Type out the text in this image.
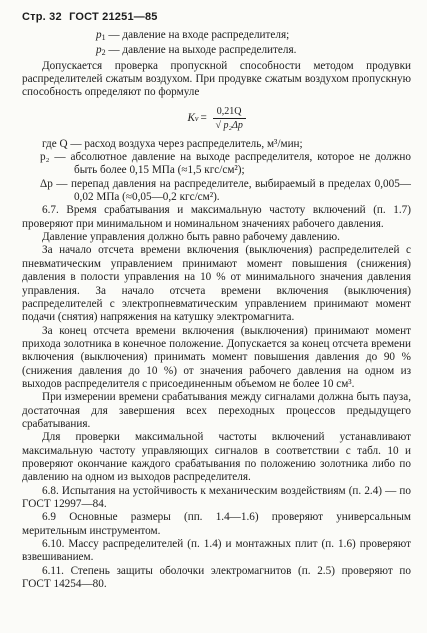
Стр. 32 ГОСТ 21251—85
$p_1$ — давление на входе распределителя;
$p_2$ — давление на выходе распределителя.
Допускается проверка пропускной способности методом продувки распределителей сжатым воздухом. При продувке сжатым воздухом пропускную способность определяют по формуле
K $v = \frac{0,21Q}{\text{√ p₂Δp}}$
где Q — расход воздуха через распределитель, м³/мин;
p₂ — абсолютное давление на выходе распределителя, которое не должно быть более 0,15 МПа (≈1,5 кгс/см²);
Δp — перепад давления на распределителе, выбираемый в пределах 0,005—0,02 МПа (≈0,05—0,2 кгс/см²).
6.7. Время срабатывания и максимальную частоту включений (п. 1.7) проверяют при минимальном и номинальном значениях рабочего давления.
Давление управления должно быть равно рабочему давлению.
За начало отсчета времени включения (выключения) распределителей с пневматическим управлением принимают момент повышения (снижения) давления в полости управления на 10 % от минимального значения давления управления. За начало отсчета времени включения (выключения) распределителей с электропневматическим управлением принимают момент подачи (снятия) напряжения на катушку электромагнита.
За конец отсчета времени включения (выключения) принимают момент прихода золотника в конечное положение. Допускается за конец отсчета времени включения (выключения) принимать момент повышения давления до 90 % (снижения давления до 10 %) от значения рабочего давления на одном из выходов распределителя с присоединенным объемом не более 10 см³.
При измерении времени срабатывания между сигналами должна быть пауза, достаточная для завершения всех переходных процессов предыдущего срабатывания.
Для проверки максимальной частоты включений устанавливают максимальную частоту управляющих сигналов в соответствии с табл. 10 и проверяют окончание каждого срабатывания по положению золотника либо по давлению на одном из выходов распределителя.
6.8. Испытания на устойчивость к механическим воздействиям (п. 2.4) — по ГОСТ 12997—84.
6.9 Основные размеры (пп. 1.4—1.6) проверяют универсальным мерительным инструментом.
6.10. Массу распределителей (п. 1.4) и монтажных плит (п. 1.6) проверяют взвешиванием.
6.11. Степень защиты оболочки электромагнитов (п. 2.5) проверяют по ГОСТ 14254—80.
